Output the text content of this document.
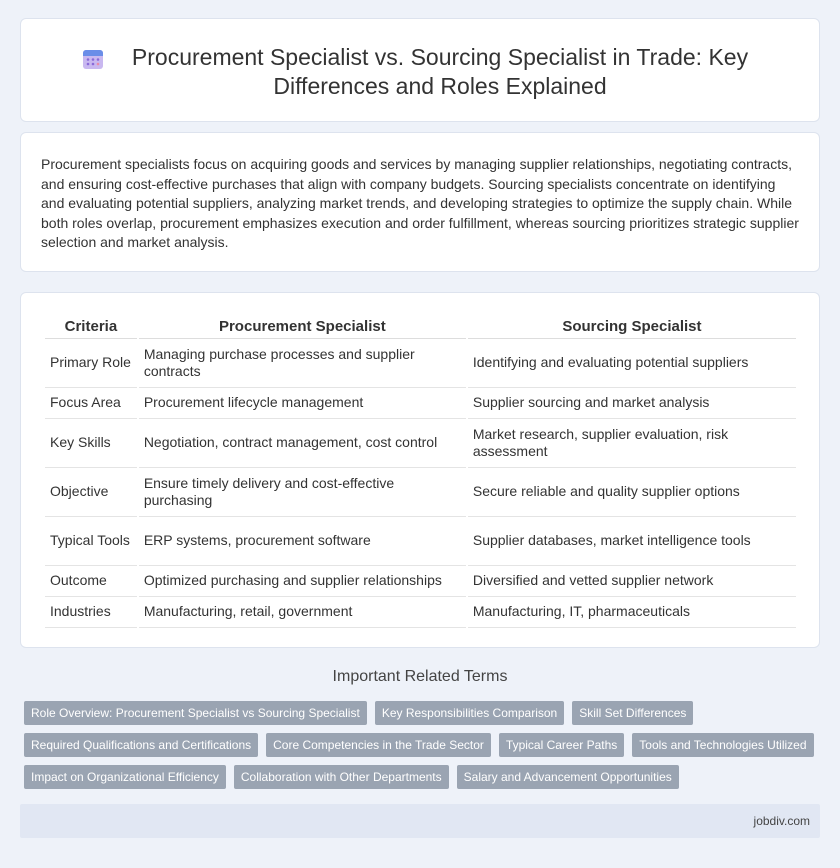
Procurement Specialist vs. Sourcing Specialist in Trade: Key Differences and Roles Explained

Procurement specialists focus on acquiring goods and services by managing supplier relationships, negotiating contracts, and ensuring cost-effective purchases that align with company budgets. Sourcing specialists concentrate on identifying and evaluating potential suppliers, analyzing market trends, and developing strategies to optimize the supply chain. While both roles overlap, procurement emphasizes execution and order fulfillment, whereas sourcing prioritizes strategic supplier selection and market analysis.

Criteria	Procurement Specialist	Sourcing Specialist
Primary Role	Managing purchase processes and supplier contracts	Identifying and evaluating potential suppliers
Focus Area	Procurement lifecycle management	Supplier sourcing and market analysis
Key Skills	Negotiation, contract management, cost control	Market research, supplier evaluation, risk assessment
Objective	Ensure timely delivery and cost-effective purchasing	Secure reliable and quality supplier options
Typical Tools	ERP systems, procurement software	Supplier databases, market intelligence tools
Outcome	Optimized purchasing and supplier relationships	Diversified and vetted supplier network
Industries	Manufacturing, retail, government	Manufacturing, IT, pharmaceuticals
Important Related Terms
Role Overview: Procurement Specialist vs Sourcing Specialist	Key Responsibilities Comparison	Skill Set Differences
Required Qualifications and Certifications	Core Competencies in the Trade Sector	Typical Career Paths	Tools and Technologies Utilized
Impact on Organizational Efficiency	Collaboration with Other Departments	Salary and Advancement Opportunities
jobdiv.com
